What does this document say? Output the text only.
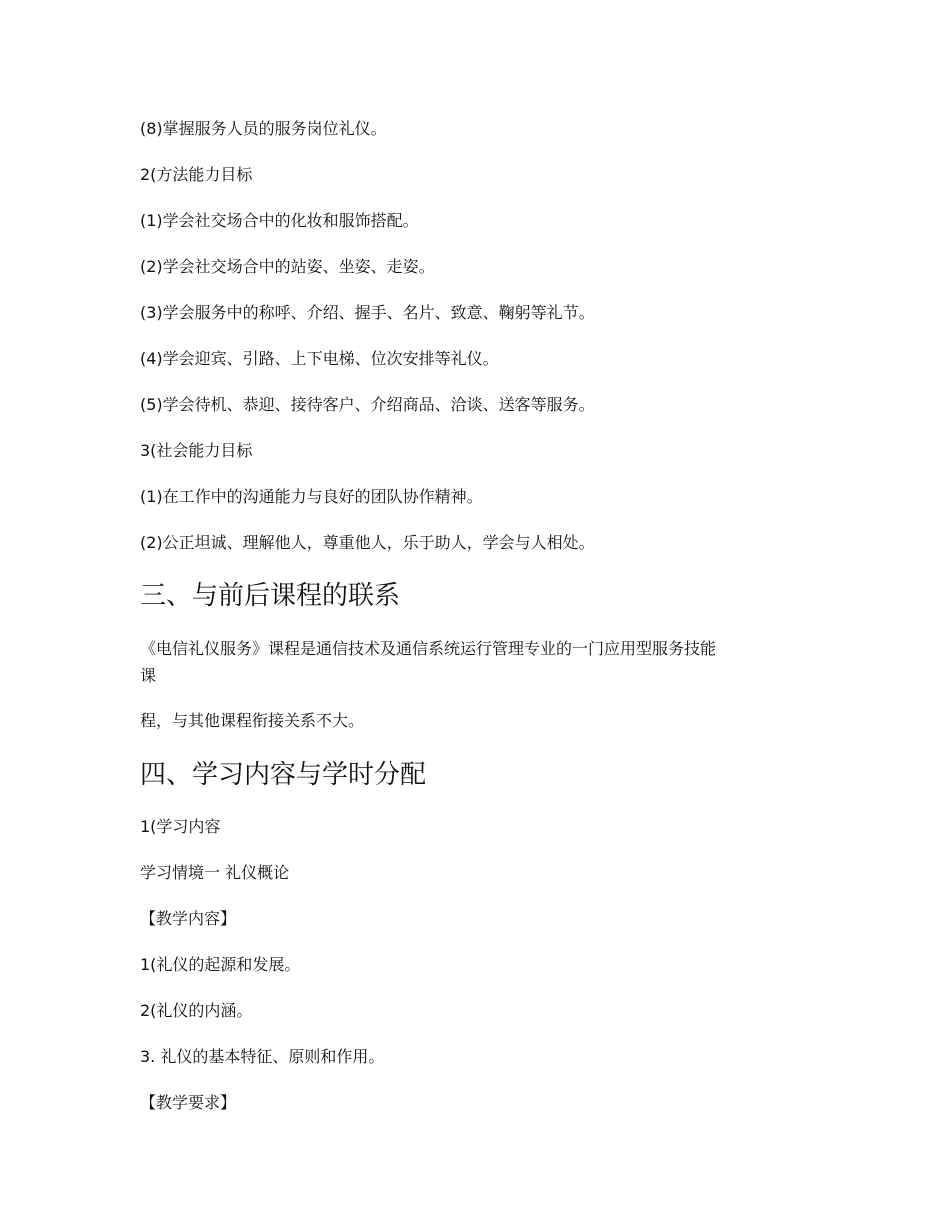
(8)掌握服务人员的服务岗位礼仪。

2(方法能力目标

(1)学会社交场合中的化妆和服饰搭配。

(2)学会社交场合中的站姿、坐姿、走姿。

(3)学会服务中的称呼、介绍、握手、名片、致意、鞠躬等礼节。

(4)学会迎宾、引路、上下电梯、位次安排等礼仪。

(5)学会待机、恭迎、接待客户、介绍商品、洽谈、送客等服务。

3(社会能力目标

(1)在工作中的沟通能力与良好的团队协作精神。

(2)公正坦诚、理解他人，尊重他人，乐于助人，学会与人相处。

三、与前后课程的联系

《电信礼仪服务》课程是通信技术及通信系统运行管理专业的一门应用型服务技能

课

程，与其他课程衔接关系不大。

四、学习内容与学时分配

1(学习内容

学习情境一 礼仪概论

【教学内容】

1(礼仪的起源和发展。

2(礼仪的内涵。

3. 礼仪的基本特征、原则和作用。

【教学要求】
